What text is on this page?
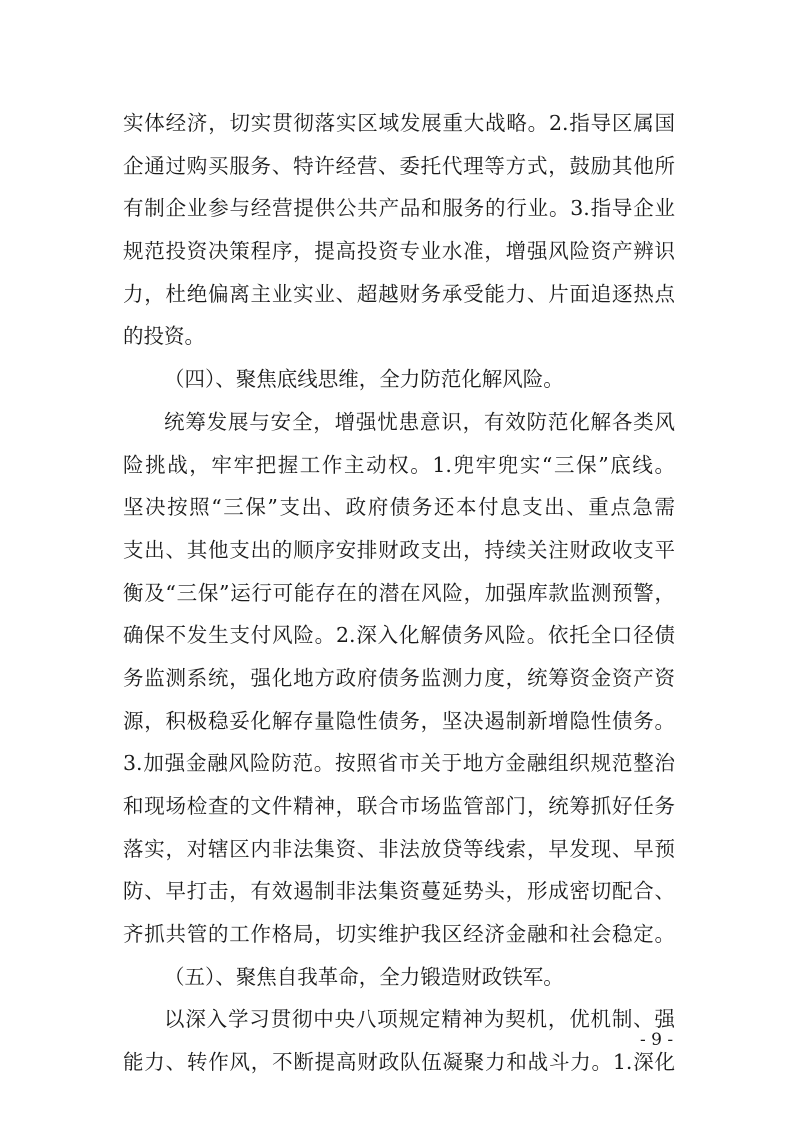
实体经济，切实贯彻落实区域发展重大战略。2.指导区属国
企通过购买服务、特许经营、委托代理等方式，鼓励其他所
有制企业参与经营提供公共产品和服务的行业。3.指导企业
规范投资决策程序，提高投资专业水准，增强风险资产辨识
力，杜绝偏离主业实业、超越财务承受能力、片面追逐热点
的投资。
（四）、聚焦底线思维，全力防范化解风险。
统筹发展与安全，增强忧患意识，有效防范化解各类风
险挑战，牢牢把握工作主动权。1.兜牢兜实“三保”底线。
坚决按照“三保”支出、政府债务还本付息支出、重点急需
支出、其他支出的顺序安排财政支出，持续关注财政收支平
衡及“三保”运行可能存在的潜在风险，加强库款监测预警，
确保不发生支付风险。2.深入化解债务风险。依托全口径债
务监测系统，强化地方政府债务监测力度，统筹资金资产资
源，积极稳妥化解存量隐性债务，坚决遏制新增隐性债务。
3.加强金融风险防范。按照省市关于地方金融组织规范整治
和现场检查的文件精神，联合市场监管部门，统筹抓好任务
落实，对辖区内非法集资、非法放贷等线索，早发现、早预
防、早打击，有效遏制非法集资蔓延势头，形成密切配合、
齐抓共管的工作格局，切实维护我区经济金融和社会稳定。
（五）、聚焦自我革命，全力锻造财政铁军。
以深入学习贯彻中央八项规定精神为契机，优机制、强
能力、转作风，不断提高财政队伍凝聚力和战斗力。1.深化
- 9 -
